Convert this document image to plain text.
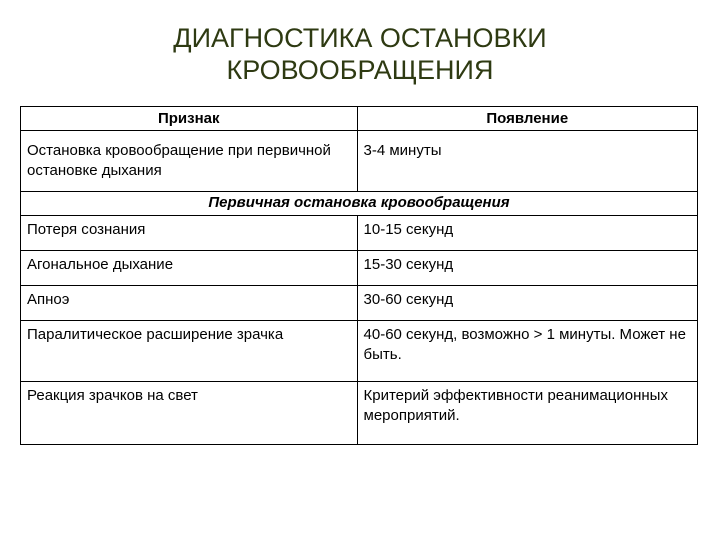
ДИАГНОСТИКА ОСТАНОВКИ
КРОВООБРАЩЕНИЯ
Признак	Появление
Остановка кровообращение при первичной остановке дыхания	3-4 минуты
Первичная остановка кровообращения	
Потеря сознания	10-15 секунд
Агональное дыхание	15-30 секунд
Апноэ	30-60 секунд
Паралитическое расширение зрачка	40-60 секунд, возможно > 1 минуты. Может не быть.
Реакция зрачков на свет	Критерий эффективности реанимационных мероприятий.
